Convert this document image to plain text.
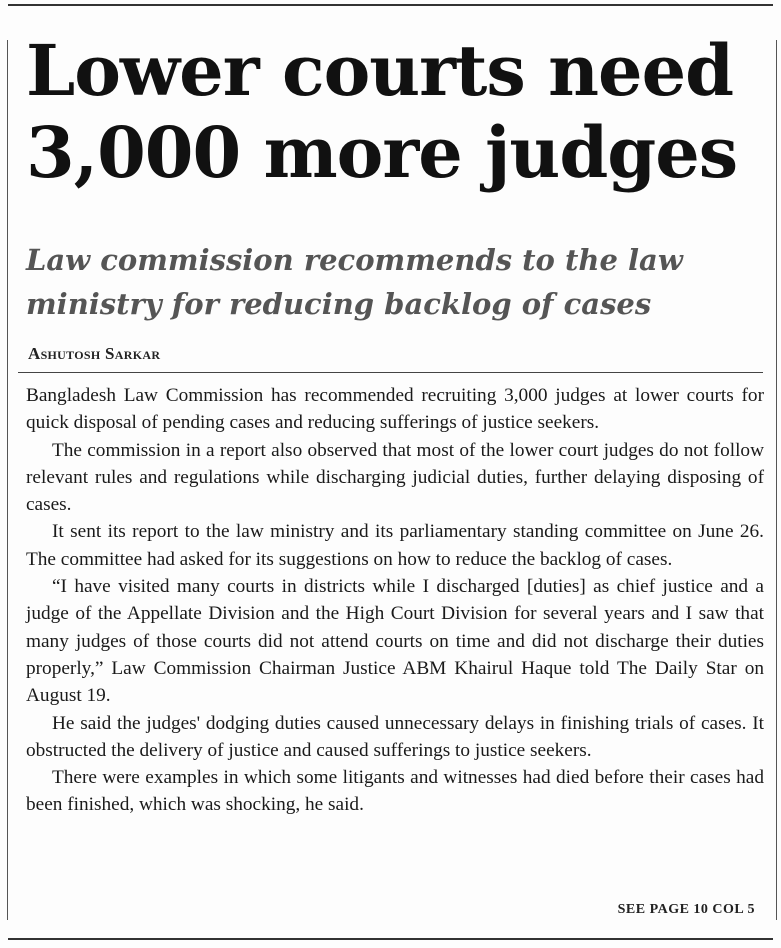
Lower courts need
3,000 more judges
Law commission recommends to the law
ministry for reducing backlog of cases

Ashutosh Sarkar

Bangladesh Law Commission has recommended recruiting 3,000 judges at lower courts for quick disposal of pending cases and reducing sufferings of justice seekers.

The commission in a report also observed that most of the lower court judges do not follow relevant rules and regulations while discharging judicial duties, further delaying disposing of cases.

It sent its report to the law ministry and its parliamentary standing committee on June 26. The committee had asked for its suggestions on how to reduce the backlog of cases.

“I have visited many courts in districts while I discharged [duties] as chief justice and a judge of the Appellate Division and the High Court Division for several years and I saw that many judges of those courts did not attend courts on time and did not discharge their duties properly,” Law Commission Chairman Justice ABM Khairul Haque told The Daily Star on August 19.

He said the judges' dodging duties caused unnecessary delays in finishing trials of cases. It obstructed the delivery of justice and caused sufferings to justice seekers.

There were examples in which some litigants and witnesses had died before their cases had been finished, which was shocking, he said.

SEE PAGE 10 COL 5
